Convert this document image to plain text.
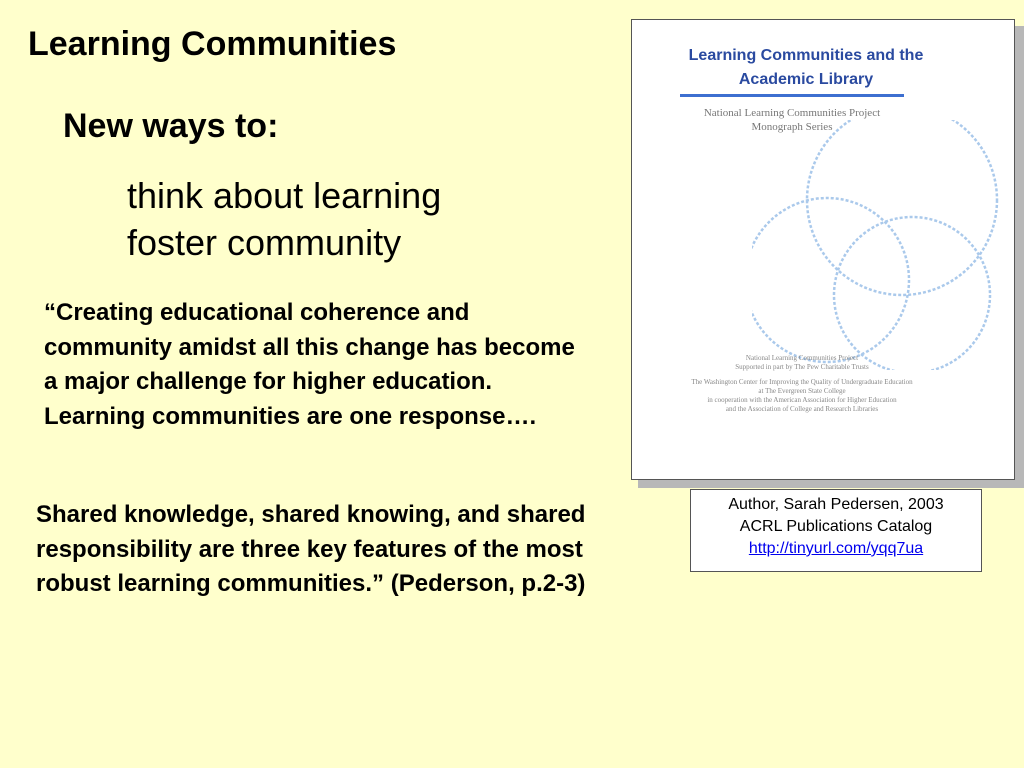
Learning Communities
New ways to:
think about learning
foster community
“Creating educational coherence and community amidst all this change has become a major challenge for higher education. Learning communities are one response….
Shared knowledge, shared knowing, and shared responsibility are three key features of the most robust learning communities.” (Pederson, p.2-3)
Learning Communities and the
Academic Library
National Learning Communities Project
Monograph Series

National Learning Communities Project

Supported in part by The Pew Charitable Trusts

The Washington Center for Improving the Quality of Undergraduate Education

at The Evergreen State College

in cooperation with the American Association for Higher Education

and the Association of College and Research Libraries

Author, Sarah Pedersen, 2003
ACRL Publications Catalog
http://tinyurl.com/yqq7ua
